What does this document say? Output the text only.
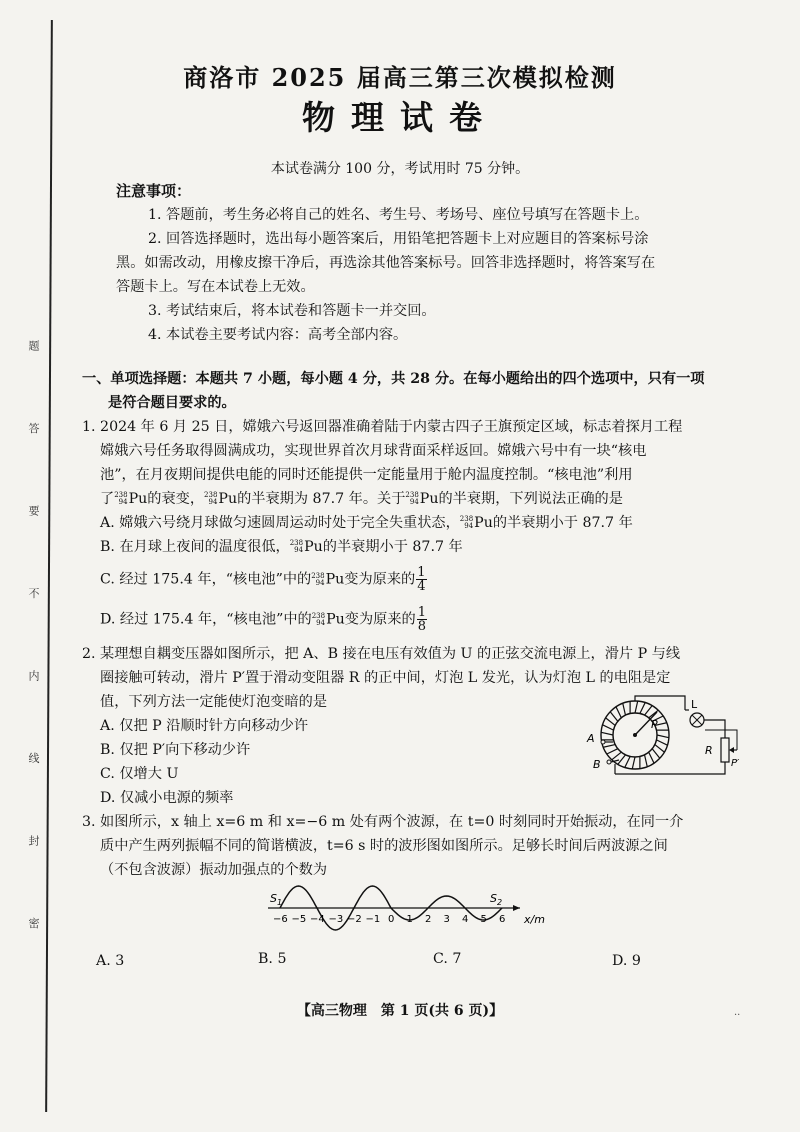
题 答 要 不 内 线 封 密
商洛市 2025 届高三第三次模拟检测
物理试卷
本试卷满分 100 分，考试用时 75 分钟。
注意事项：
1. 答题前，考生务必将自己的姓名、考生号、考场号、座位号填写在答题卡上。
2. 回答选择题时，选出每小题答案后，用铅笔把答题卡上对应题目的答案标号涂
黑。如需改动，用橡皮擦干净后，再选涂其他答案标号。回答非选择题时，将答案写在
答题卡上。写在本试卷上无效。
3. 考试结束后，将本试卷和答题卡一并交回。
4. 本试卷主要考试内容：高考全部内容。
一、单项选择题：本题共 7 小题，每小题 4 分，共 28 分。在每小题给出的四个选项中，只有一项
是符合题目要求的。
1. 2024 年 6 月 25 日，嫦娥六号返回器准确着陆于内蒙古四子王旗预定区域，标志着探月工程
嫦娥六号任务取得圆满成功，实现世界首次月球背面采样返回。嫦娥六号中有一块“核电
池”，在月夜期间提供电能的同时还能提供一定能量用于舱内温度控制。“核电池”利用
了 238
94 Pu的衰变， 238
94 Pu的半衰期为 87.7 年。关于 238
94 Pu的半衰期，下列说法正确的是
A. 嫦娥六号绕月球做匀速圆周运动时处于完全失重状态， 238
94 Pu的半衰期小于 87.7 年
B. 在月球上夜间的温度很低， 238
94 Pu的半衰期小于 87.7 年
C. 经过 175.4 年，“核电池”中的 238
94 Pu变为原来的 $\frac{1}{4}$
D. 经过 175.4 年，“核电池”中的 238
94 Pu变为原来的 $\frac{1}{8}$
2. 某理想自耦变压器如图所示，把 A、B 接在电压有效值为 U 的正弦交流电源上，滑片 P 与线
圈接触可转动，滑片 P′置于滑动变阻器 R 的正中间，灯泡 L 发光，认为灯泡 L 的电阻是定
值，下列方法一定能使灯泡变暗的是
A. 仅把 P 沿顺时针方向移动少许
B. 仅把 P′向下移动少许
C. 仅增大 U
D. 仅减小电源的频率
P
L
R
P′
A
B
3. 如图所示，x 轴上 x=6 m 和 x=−6 m 处有两个波源，在 t=0 时刻同时开始振动，在同一介
质中产生两列振幅不同的简谐横波，t=6 s 时的波形图如图所示。足够长时间后两波源之间
（不包含波源）振动加强点的个数为
−6 −5 −4 −3 −2 −1 0 1 2 3 4 5 6
$S_1$	$S_2$
x/m
A. 3	B. 5	C. 7	D. 9
【高三物理　第 1 页(共 6 页)】	··
